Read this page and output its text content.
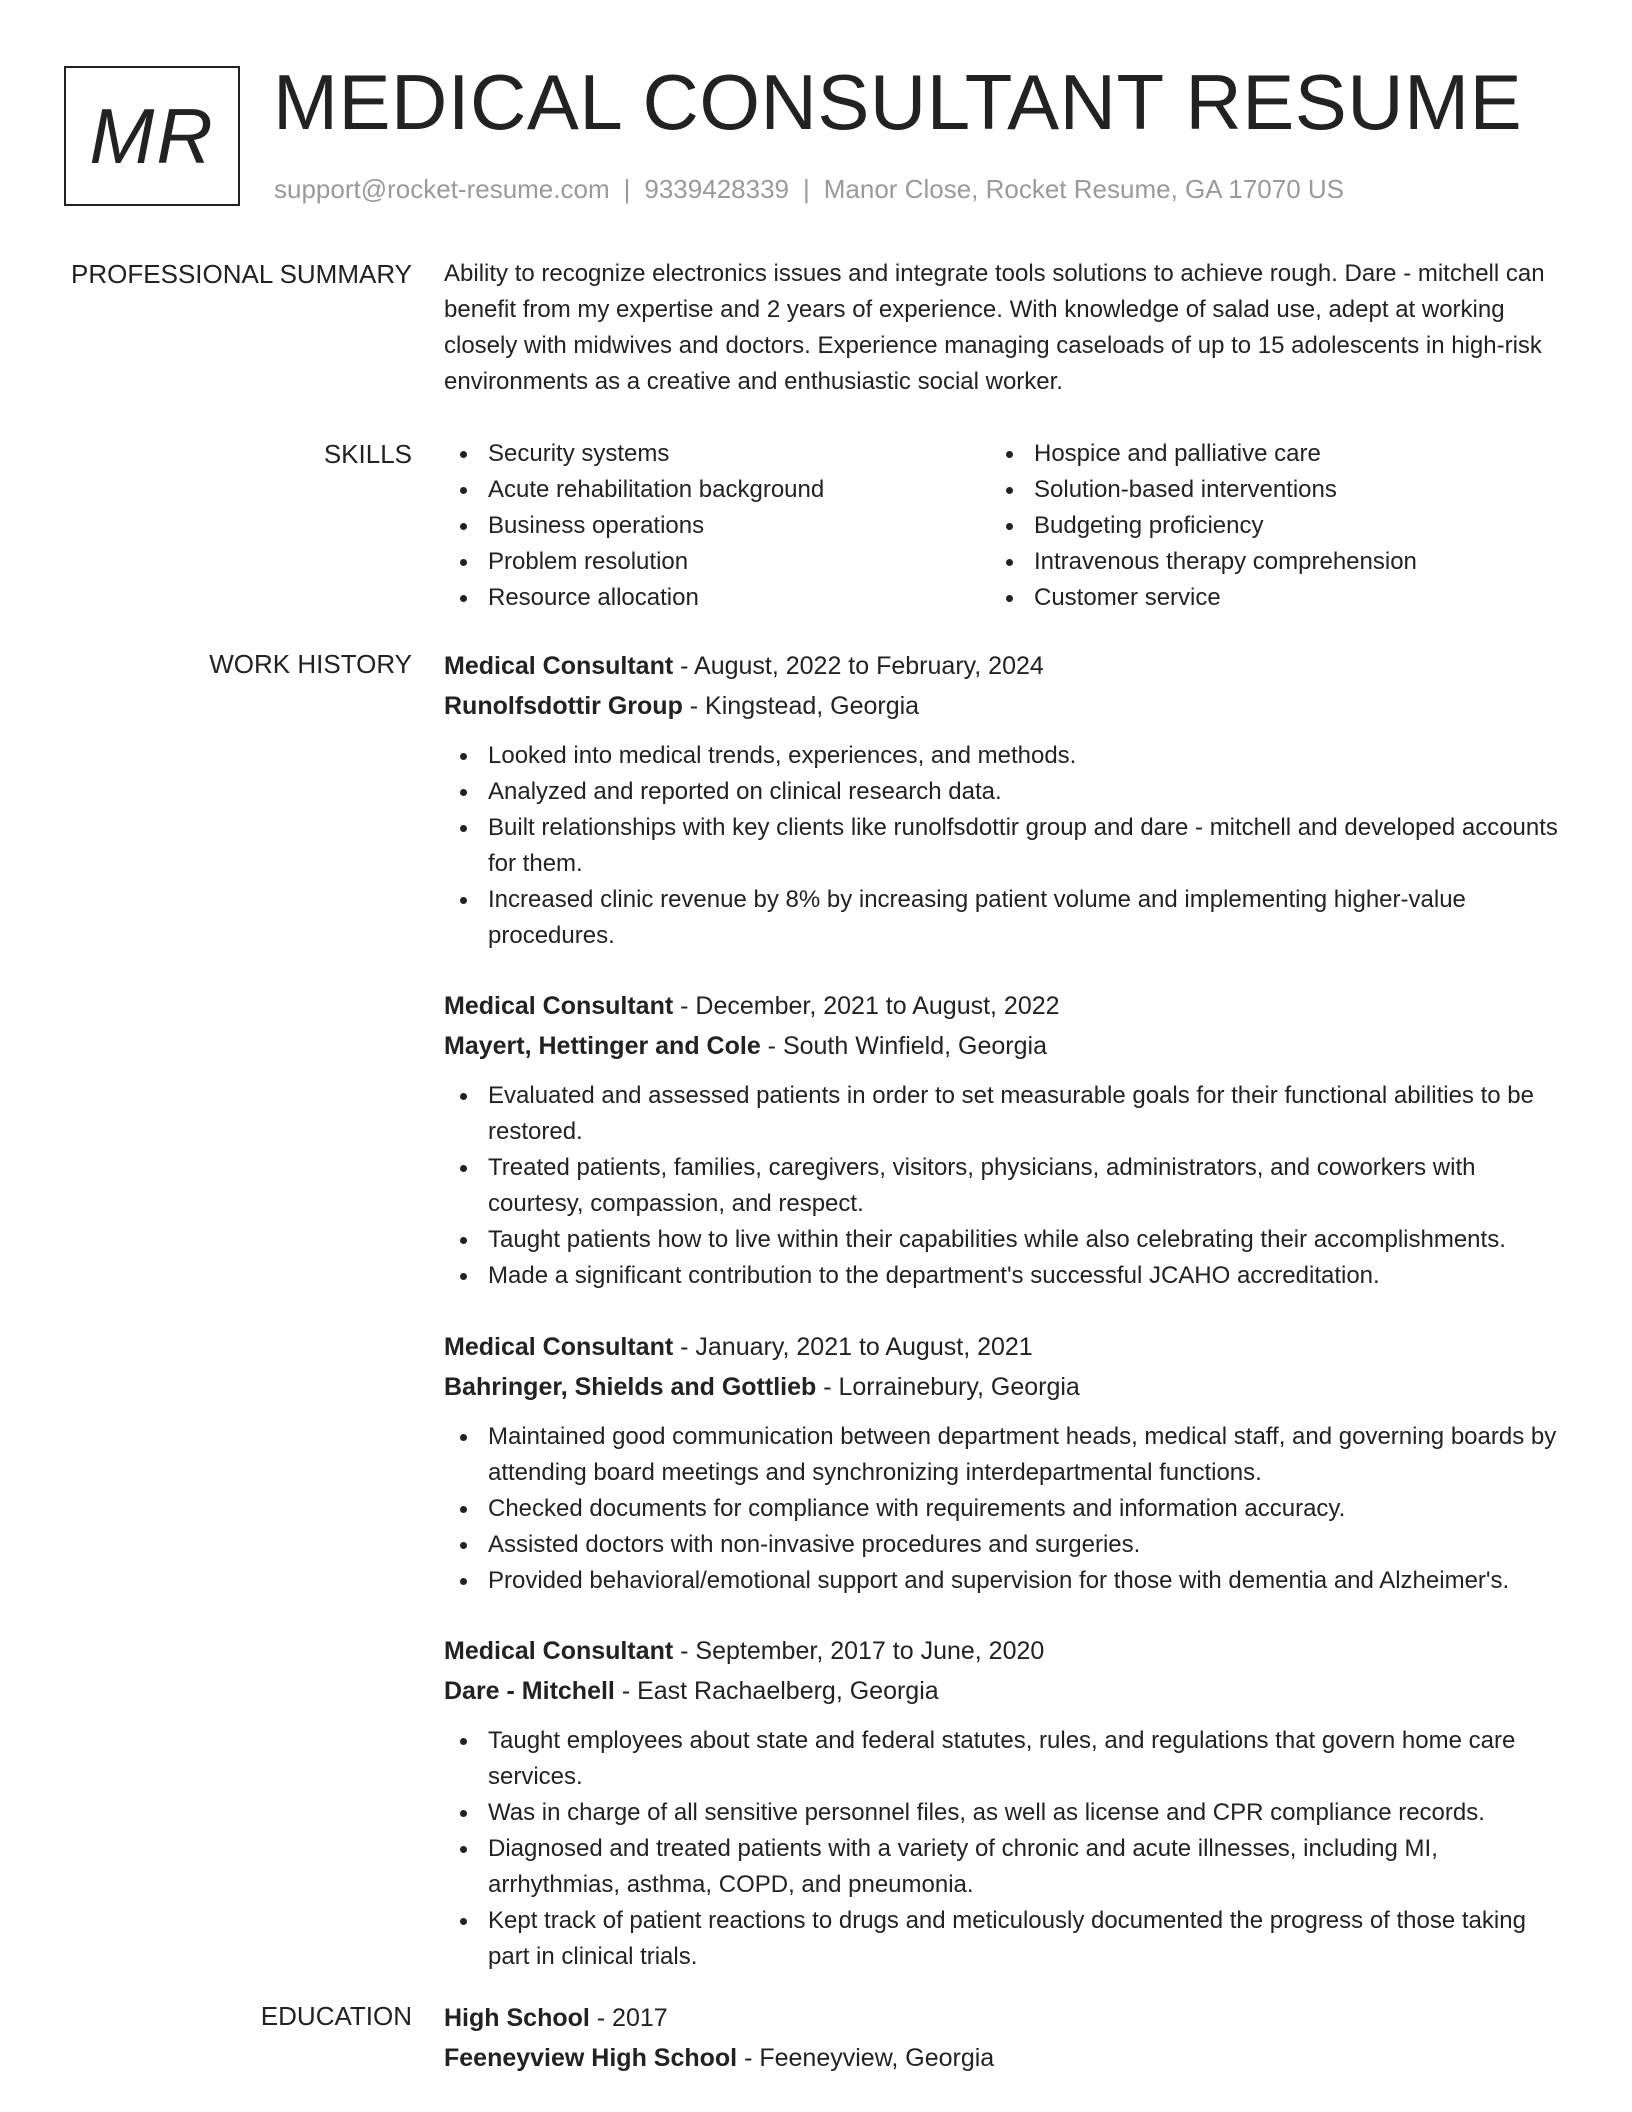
MR MEDICAL CONSULTANT RESUME
support@rocket-resume.com | 9339428339 | Manor Close, Rocket Resume, GA 17070 US
PROFESSIONAL SUMMARY Ability to recognize electronics issues and integrate tools solutions to achieve rough. Dare - mitchell can benefit from my expertise and 2 years of experience. With knowledge of salad use, adept at working closely with midwives and doctors. Experience managing caseloads of up to 15 adolescents in high-risk environments as a creative and enthusiastic social worker.

SKILLS	Security systems
Acute rehabilitation background
Business operations
Problem resolution
Resource allocation
Hospice and palliative care
Solution-based interventions
Budgeting proficiency
Intravenous therapy comprehension
Customer service
WORK HISTORY Medical Consultant - August, 2022 to February, 2024
Runolfsdottir Group - Kingstead, Georgia
Looked into medical trends, experiences, and methods.
Analyzed and reported on clinical research data.
Built relationships with key clients like runolfsdottir group and dare - mitchell and developed accounts for them.
Increased clinic revenue by 8% by increasing patient volume and implementing higher-value procedures.
Medical Consultant - December, 2021 to August, 2022
Mayert, Hettinger and Cole - South Winfield, Georgia
Evaluated and assessed patients in order to set measurable goals for their functional abilities to be restored.
Treated patients, families, caregivers, visitors, physicians, administrators, and coworkers with courtesy, compassion, and respect.
Taught patients how to live within their capabilities while also celebrating their accomplishments.
Made a significant contribution to the department's successful JCAHO accreditation.
Medical Consultant - January, 2021 to August, 2021
Bahringer, Shields and Gottlieb - Lorrainebury, Georgia
Maintained good communication between department heads, medical staff, and governing boards by attending board meetings and synchronizing interdepartmental functions.
Checked documents for compliance with requirements and information accuracy.
Assisted doctors with non-invasive procedures and surgeries.
Provided behavioral/emotional support and supervision for those with dementia and Alzheimer's.
Medical Consultant - September, 2017 to June, 2020
Dare - Mitchell - East Rachaelberg, Georgia
Taught employees about state and federal statutes, rules, and regulations that govern home care services.
Was in charge of all sensitive personnel files, as well as license and CPR compliance records.
Diagnosed and treated patients with a variety of chronic and acute illnesses, including MI, arrhythmias, asthma, COPD, and pneumonia.
Kept track of patient reactions to drugs and meticulously documented the progress of those taking part in clinical trials.
EDUCATION High School - 2017
Feeneyview High School - Feeneyview, Georgia
